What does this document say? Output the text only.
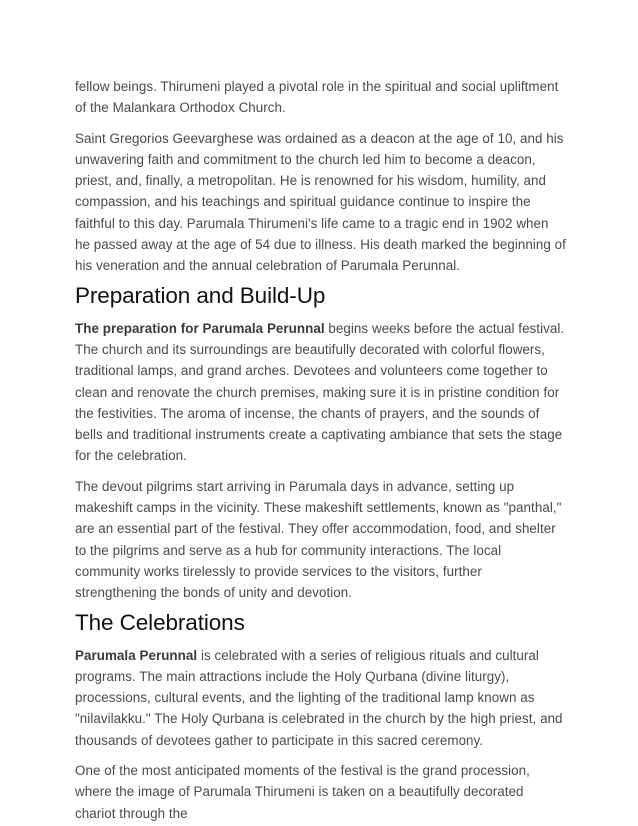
fellow beings. Thirumeni played a pivotal role in the spiritual and social upliftment of the Malankara Orthodox Church.

Saint Gregorios Geevarghese was ordained as a deacon at the age of 10, and his unwavering faith and commitment to the church led him to become a deacon, priest, and, finally, a metropolitan. He is renowned for his wisdom, humility, and compassion, and his teachings and spiritual guidance continue to inspire the faithful to this day. Parumala Thirumeni's life came to a tragic end in 1902 when he passed away at the age of 54 due to illness. His death marked the beginning of his veneration and the annual celebration of Parumala Perunnal.

Preparation and Build-Up

The preparation for Parumala Perunnal begins weeks before the actual festival. The church and its surroundings are beautifully decorated with colorful flowers, traditional lamps, and grand arches. Devotees and volunteers come together to clean and renovate the church premises, making sure it is in pristine condition for the festivities. The aroma of incense, the chants of prayers, and the sounds of bells and traditional instruments create a captivating ambiance that sets the stage for the celebration.

The devout pilgrims start arriving in Parumala days in advance, setting up makeshift camps in the vicinity. These makeshift settlements, known as "panthal," are an essential part of the festival. They offer accommodation, food, and shelter to the pilgrims and serve as a hub for community interactions. The local community works tirelessly to provide services to the visitors, further strengthening the bonds of unity and devotion.

The Celebrations

Parumala Perunnal is celebrated with a series of religious rituals and cultural programs. The main attractions include the Holy Qurbana (divine liturgy), processions, cultural events, and the lighting of the traditional lamp known as "nilavilakku." The Holy Qurbana is celebrated in the church by the high priest, and thousands of devotees gather to participate in this sacred ceremony.

One of the most anticipated moments of the festival is the grand procession, where the image of Parumala Thirumeni is taken on a beautifully decorated chariot through the
